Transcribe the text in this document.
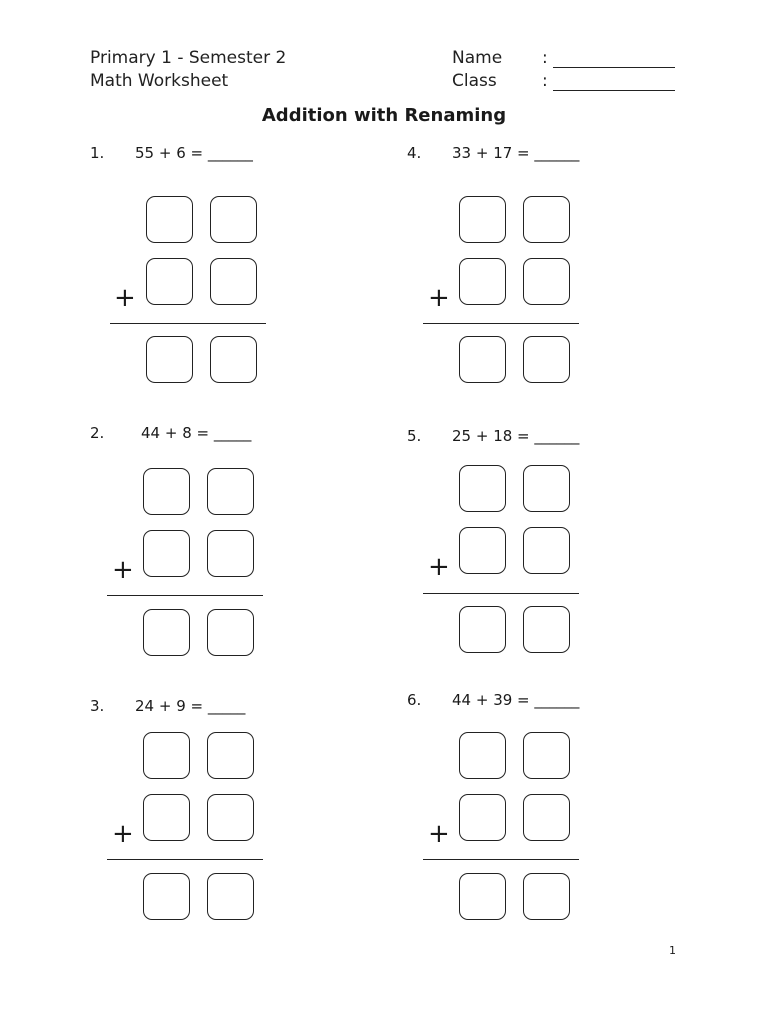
Primary 1 - Semester 2
Math Worksheet
Name :
Class	:
Addition with Renaming
1. 55 + 6 = ______
+
2. 44 + 8 = _____
+
3. 24 + 9 = _____
+
4. 33 + 17 = ______
+
5. 25 + 18 = ______
+
6. 44 + 39 = ______
+
1
